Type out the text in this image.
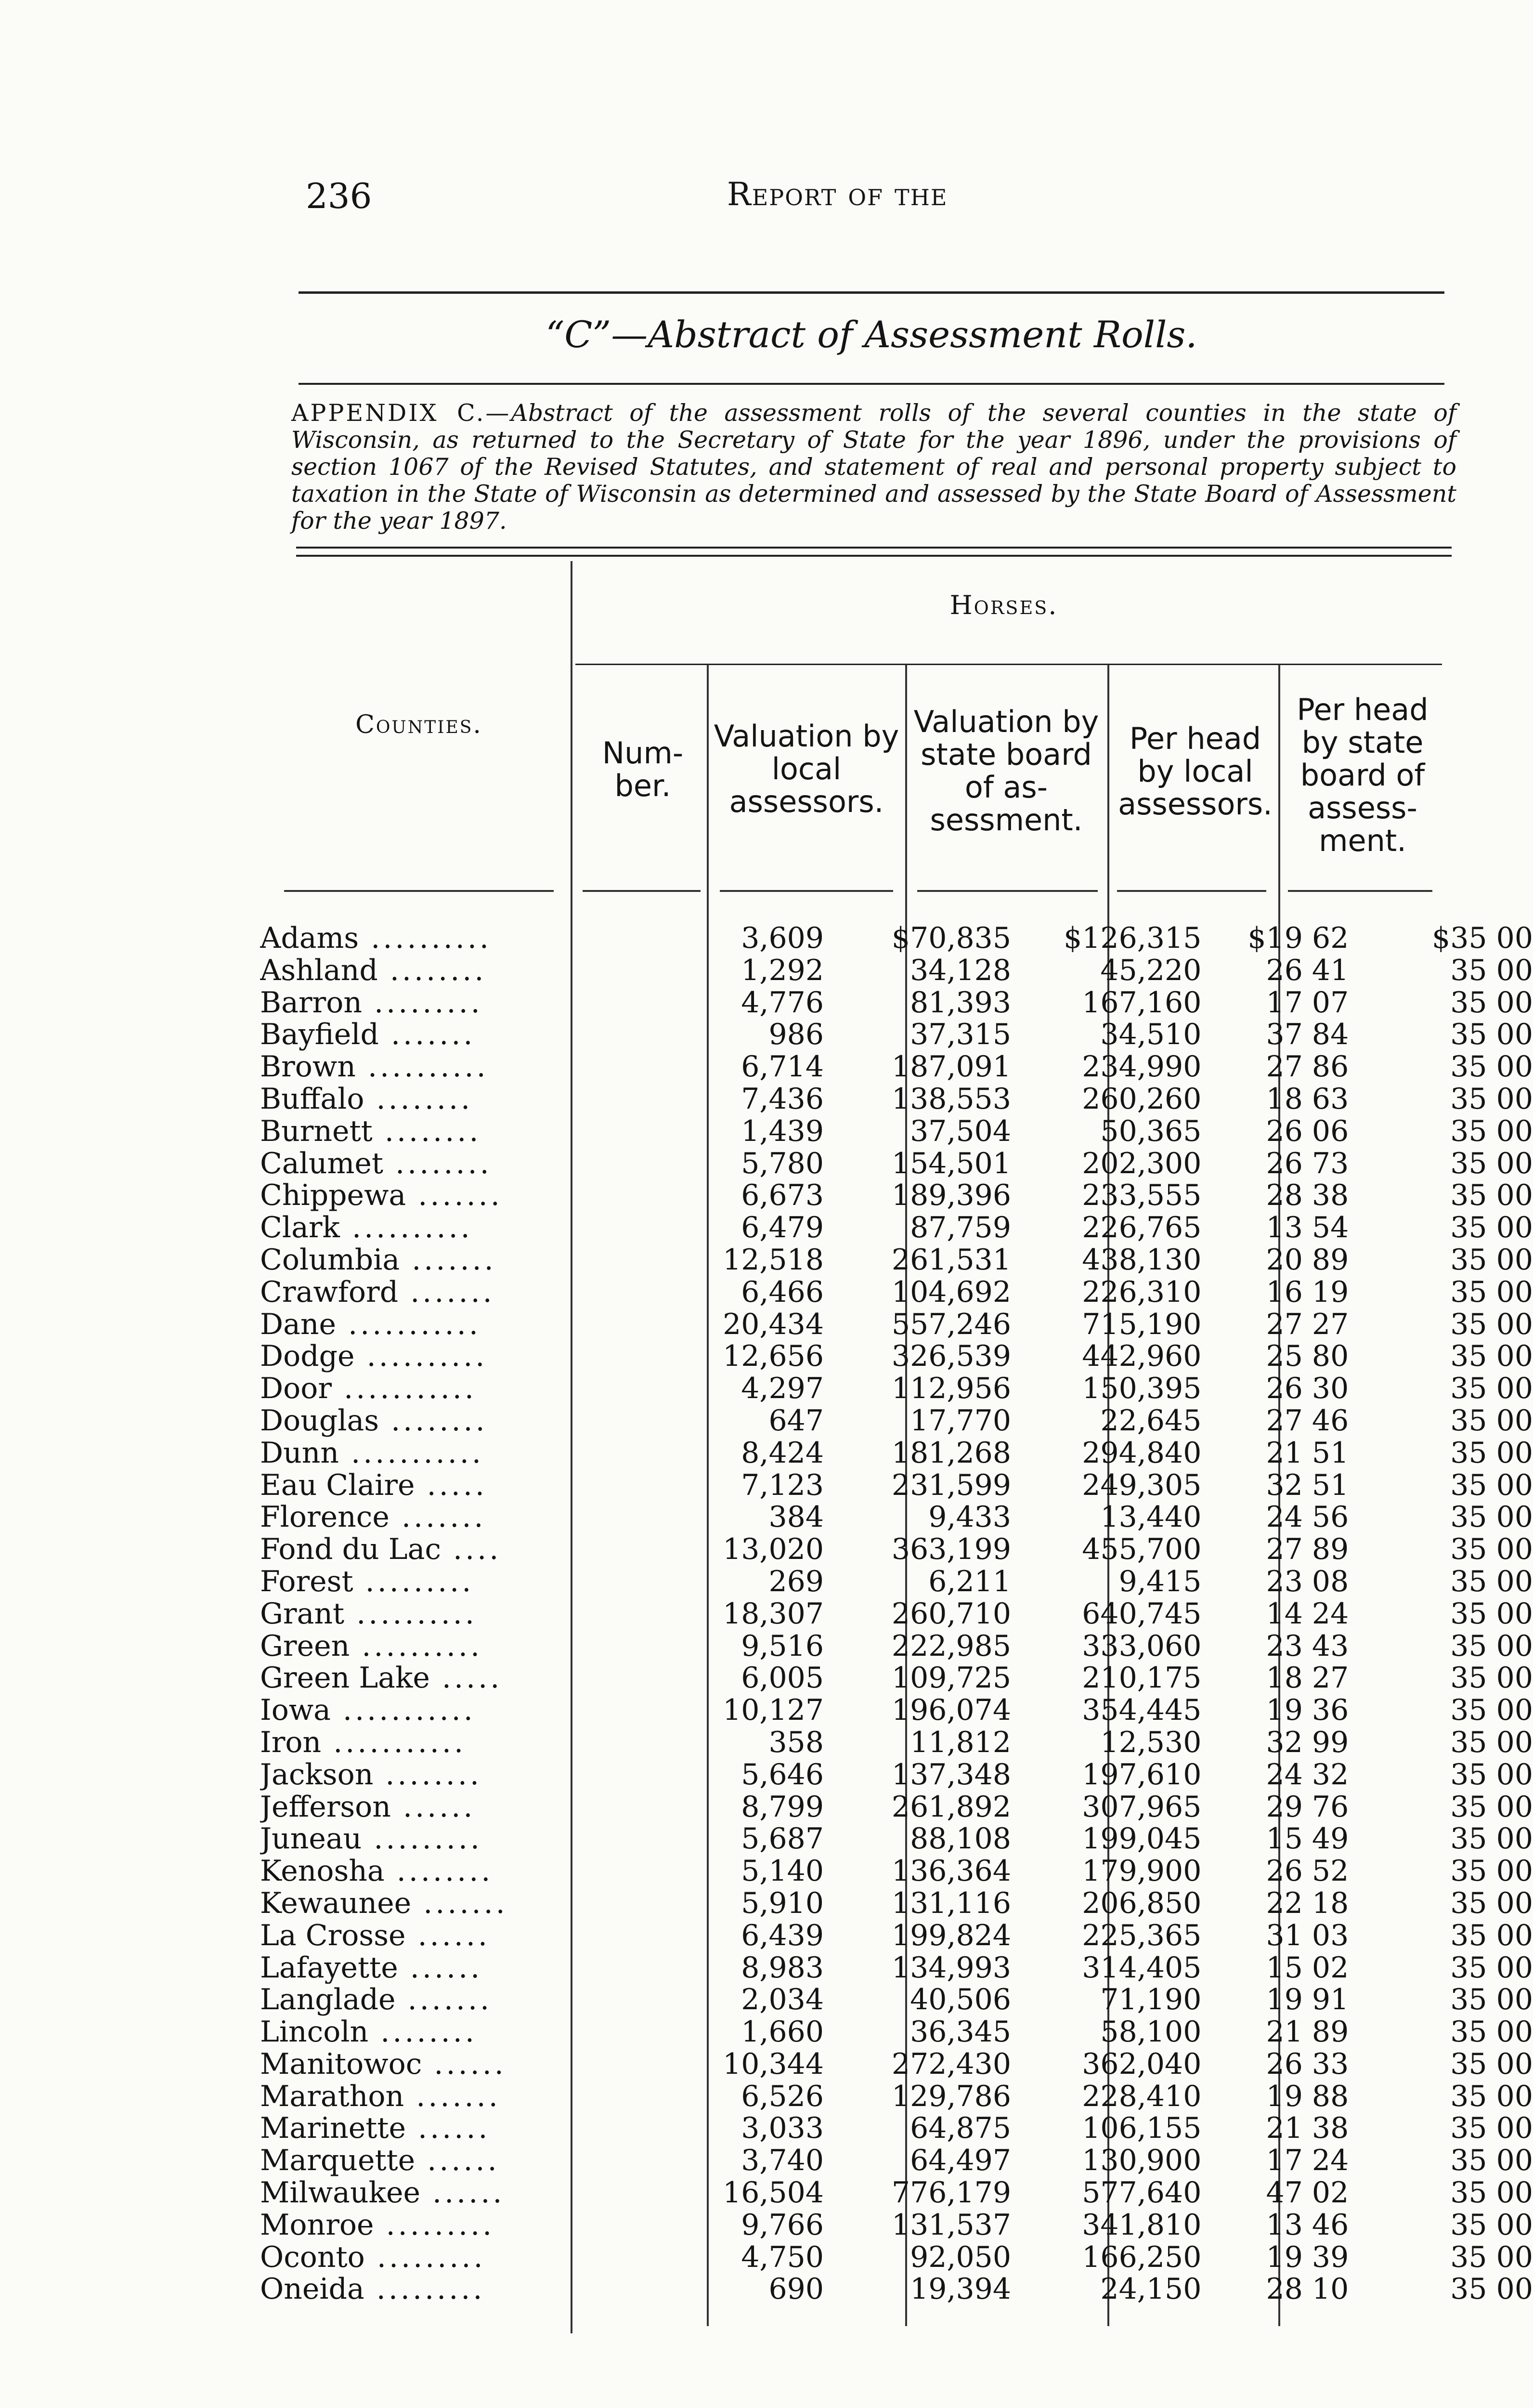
236	Report of the
“C”—Abstract of Assessment Rolls.
APPENDIX C.—Abstract of the assessment rolls of the several counties in the state of Wisconsin, as returned to the Secretary of State for the year 1896, under the provisions of section 1067 of the Revised Statutes, and statement of real and personal property subject to taxation in the State of Wisconsin as determined and assessed by the State Board of Assessment for the year 1897.
Horses.
Counties.
Num-ber.
Valuation by local assessors.
Valuation by state board of as-sessment.
Per head by local assessors.
Per head by state board of assess-ment.
Adams ..........	3,609	$70,835	$126,315	$19 62	$35 00
Ashland ........	1,292	34,128	45,220	26 41	35 00
Barron .........	4,776	81,393	167,160	17 07	35 00
Bayfield .......	986	37,315	34,510	37 84	35 00
Brown ..........	6,714	187,091	234,990	27 86	35 00
Buffalo ........	7,436	138,553	260,260	18 63	35 00
Burnett ........	1,439	37,504	50,365	26 06	35 00
Calumet ........	5,780	154,501	202,300	26 73	35 00
Chippewa .......	6,673	189,396	233,555	28 38	35 00
Clark ..........	6,479	87,759	226,765	13 54	35 00
Columbia .......	12,518	261,531	438,130	20 89	35 00
Crawford .......	6,466	104,692	226,310	16 19	35 00
Dane ...........	20,434	557,246	715,190	27 27	35 00
Dodge ..........	12,656	326,539	442,960	25 80	35 00
Door ...........	4,297	112,956	150,395	26 30	35 00
Douglas ........	647	17,770	22,645	27 46	35 00
Dunn ...........	8,424	181,268	294,840	21 51	35 00
Eau Claire .....	7,123	231,599	249,305	32 51	35 00
Florence .......	384	9,433	13,440	24 56	35 00
Fond du Lac ....	13,020	363,199	455,700	27 89	35 00
Forest .........	269	6,211	9,415	23 08	35 00
Grant ..........	18,307	260,710	640,745	14 24	35 00
Green ..........	9,516	222,985	333,060	23 43	35 00
Green Lake .....	6,005	109,725	210,175	18 27	35 00
Iowa ...........	10,127	196,074	354,445	19 36	35 00
Iron ...........	358	11,812	12,530	32 99	35 00
Jackson ........	5,646	137,348	197,610	24 32	35 00
Jefferson ......	8,799	261,892	307,965	29 76	35 00
Juneau .........	5,687	88,108	199,045	15 49	35 00
Kenosha ........	5,140	136,364	179,900	26 52	35 00
Kewaunee .......	5,910	131,116	206,850	22 18	35 00
La Crosse ......	6,439	199,824	225,365	31 03	35 00
Lafayette ......	8,983	134,993	314,405	15 02	35 00
Langlade .......	2,034	40,506	71,190	19 91	35 00
Lincoln ........	1,660	36,345	58,100	21 89	35 00
Manitowoc ......	10,344	272,430	362,040	26 33	35 00
Marathon .......	6,526	129,786	228,410	19 88	35 00
Marinette ......	3,033	64,875	106,155	21 38	35 00
Marquette ......	3,740	64,497	130,900	17 24	35 00
Milwaukee ......	16,504	776,179	577,640	47 02	35 00
Monroe .........	9,766	131,537	341,810	13 46	35 00
Oconto .........	4,750	92,050	166,250	19 39	35 00
Oneida .........	690	19,394	24,150	28 10	35 00
